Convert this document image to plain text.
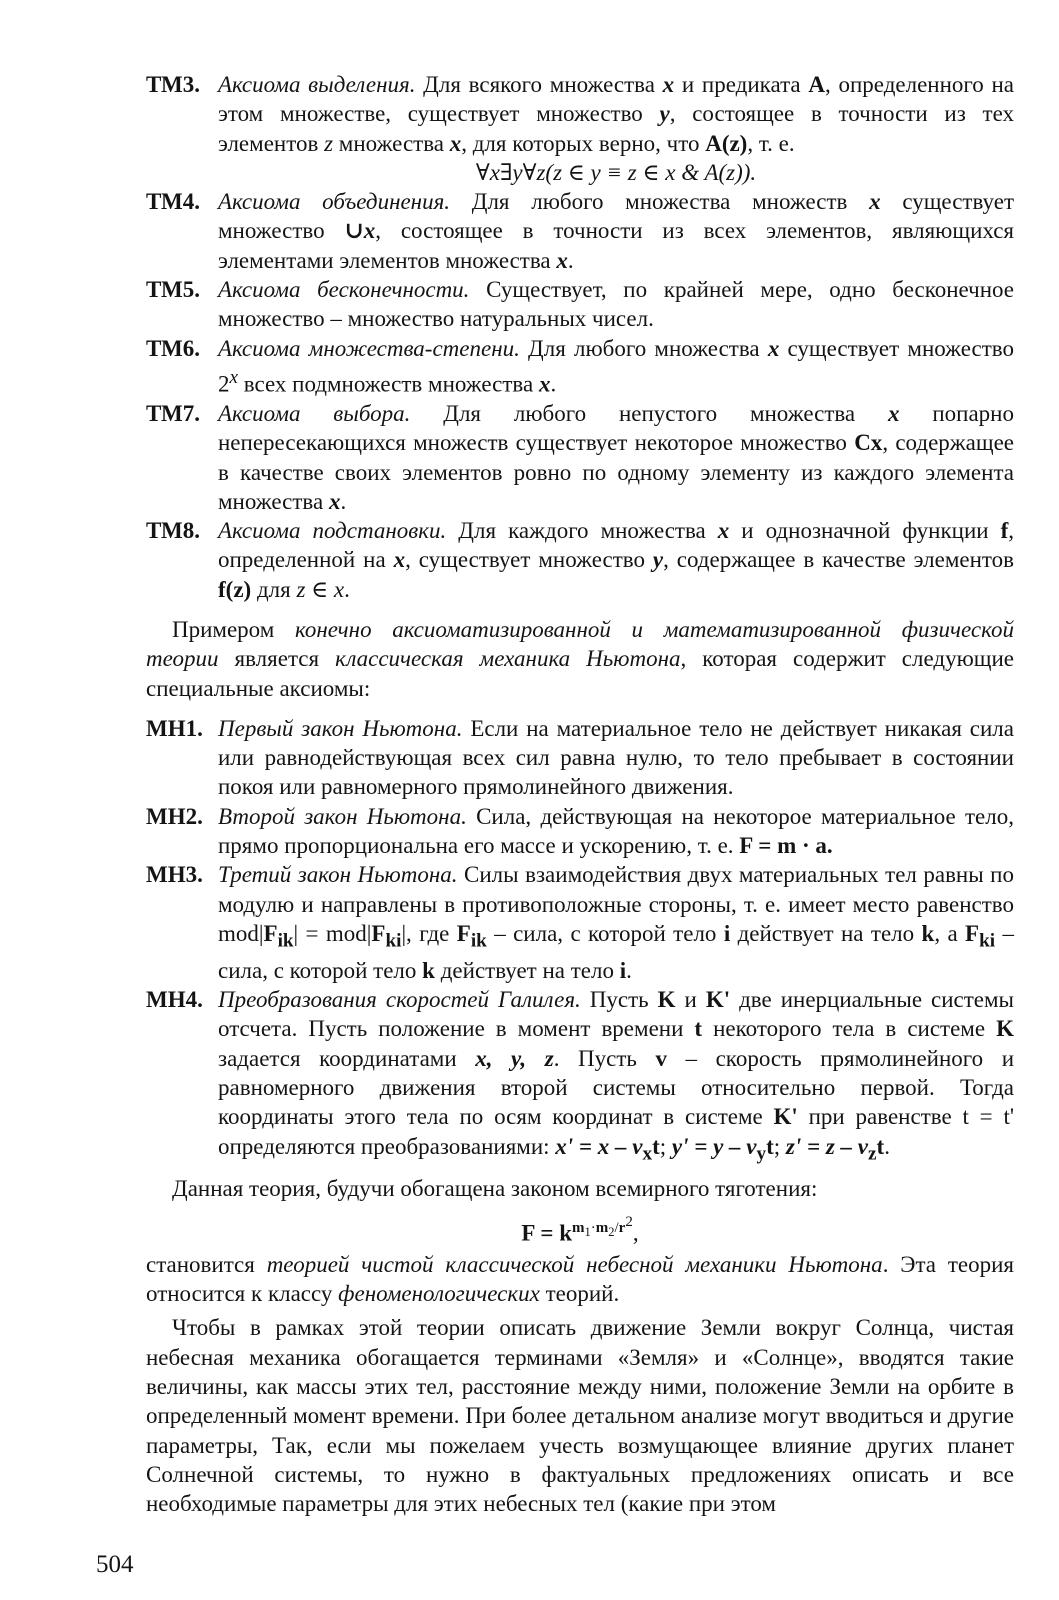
ТМ3. Аксиома выделения. Для всякого множества x и предиката A, определенного на этом множестве, существует множество y, состоящее в точности из тех элементов z множества x, для которых верно, что A(z), т. е.
∀x∃y∀z(z ∈ y ≡ z ∈ x & A(z)).
ТМ4. Аксиома объединения. Для любого множества множеств x существует множество ∪x, состоящее в точности из всех элементов, являющихся элементами элементов множества x.
ТМ5. Аксиома бесконечности. Существует, по крайней мере, одно бесконечное множество – множество натуральных чисел.
ТМ6. Аксиома множества-степени. Для любого множества x существует множество 2$^x$ всех подмножеств множества x.
ТМ7. Аксиома выбора. Для любого непустого множества x попарно непересекающихся множеств существует некоторое множество Cx, содержащее в качестве своих элементов ровно по одному элементу из каждого элемента множества x.
ТМ8. Аксиома подстановки. Для каждого множества x и однозначной функции f, определенной на x, существует множество y, содержащее в качестве элементов f(z) для z ∈ x.

Примером конечно аксиоматизированной и математизированной физической теории является классическая механика Ньютона, которая содержит следующие специальные аксиомы:

МН1. Первый закон Ньютона. Если на материальное тело не действует никакая сила или равнодействующая всех сил равна нулю, то тело пребывает в состоянии покоя или равномерного прямолинейного движения.
МН2. Второй закон Ньютона. Сила, действующая на некоторое материальное тело, прямо пропорциональна его массе и ускорению, т. е. F = m · a.
МН3. Третий закон Ньютона. Силы взаимодействия двух материальных тел равны по модулю и направлены в противоположные стороны, т. е. имеет место равенство $mod|F_{ik}| = mod|F_{ki}|$, где $F_{ik}$ – сила, с которой тело i действует на тело k, а $F_{ki}$ – сила, с которой тело k действует на тело i.
МН4. Преобразования скоростей Галилея. Пусть K и K' две инерциальные системы отсчета. Пусть положение в момент времени t некоторого тела в системе K задается координатами x, y, z. Пусть v – скорость прямолинейного и равномерного движения второй системы относительно первой. Тогда координаты этого тела по осям координат в системе K' при равенстве t = t' определяются преобразованиями: $x' = x - v_xt$; $y' = y - v_yt$; $z' = z - v_zt$.

Данная теория, будучи обогащена законом всемирного тяготения:

$F = k^{m_1\cdot m_2/r^2}$,

становится теорией чистой классической небесной механики Ньютона. Эта теория относится к классу феноменологических теорий.

Чтобы в рамках этой теории описать движение Земли вокруг Солнца, чистая небесная механика обогащается терминами «Земля» и «Солнце», вводятся такие величины, как массы этих тел, расстояние между ними, положение Земли на орбите в определенный момент времени. При более детальном анализе могут вводиться и другие параметры, Так, если мы пожелаем учесть возмущающее влияние других планет Солнечной системы, то нужно в фактуальных предложениях описать и все необходимые параметры для этих небесных тел (какие при этом

504
